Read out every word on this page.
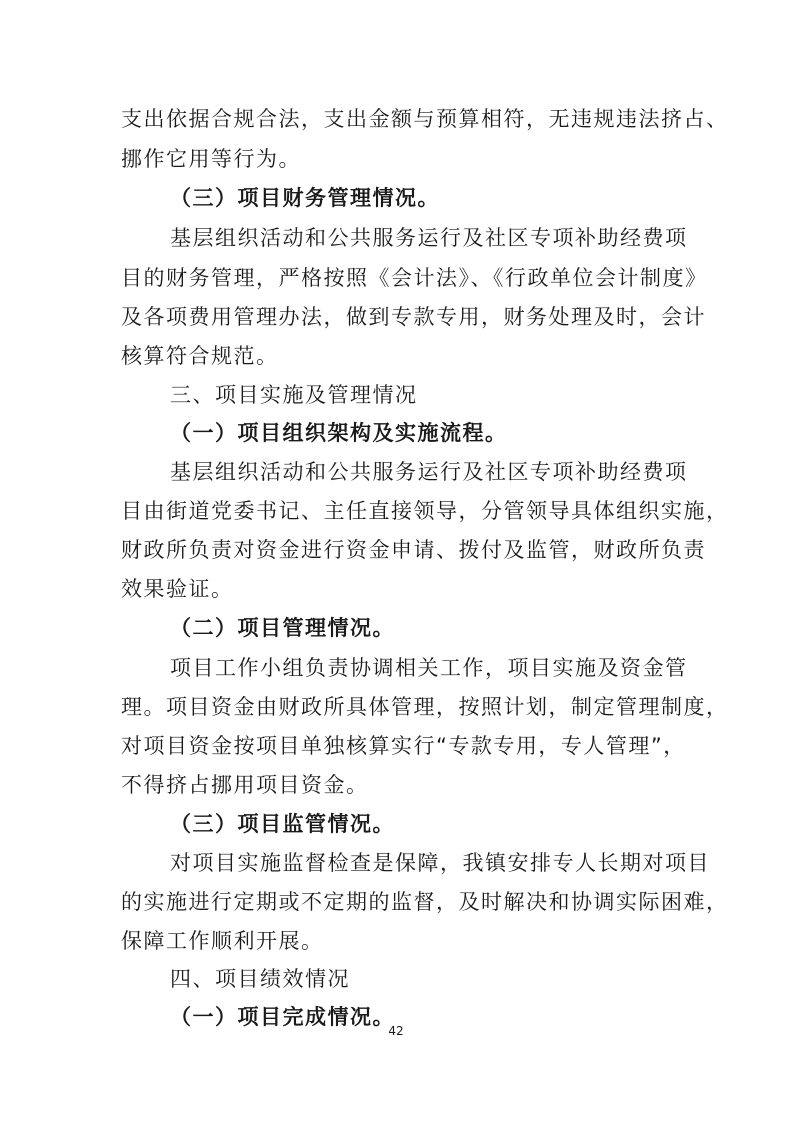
支出依据合规合法，支出金额与预算相符，无违规违法挤占、
挪作它用等行为。
（三）项目财务管理情况。
基层组织活动和公共服务运行及社区专项补助经费项
目的财务管理，严格按照《会计法》、《行政单位会计制度》
及各项费用管理办法，做到专款专用，财务处理及时，会计
核算符合规范。
三、项目实施及管理情况
（一）项目组织架构及实施流程。
基层组织活动和公共服务运行及社区专项补助经费项
目由街道党委书记、主任直接领导，分管领导具体组织实施，
财政所负责对资金进行资金申请、拨付及监管，财政所负责
效果验证。
（二）项目管理情况。
项目工作小组负责协调相关工作，项目实施及资金管
理。项目资金由财政所具体管理，按照计划，制定管理制度，
对项目资金按项目单独核算实行“专款专用，专人管理”，
不得挤占挪用项目资金。
（三）项目监管情况。
对项目实施监督检查是保障，我镇安排专人长期对项目
的实施进行定期或不定期的监督，及时解决和协调实际困难，
保障工作顺利开展。
四、项目绩效情况
（一）项目完成情况。
42
